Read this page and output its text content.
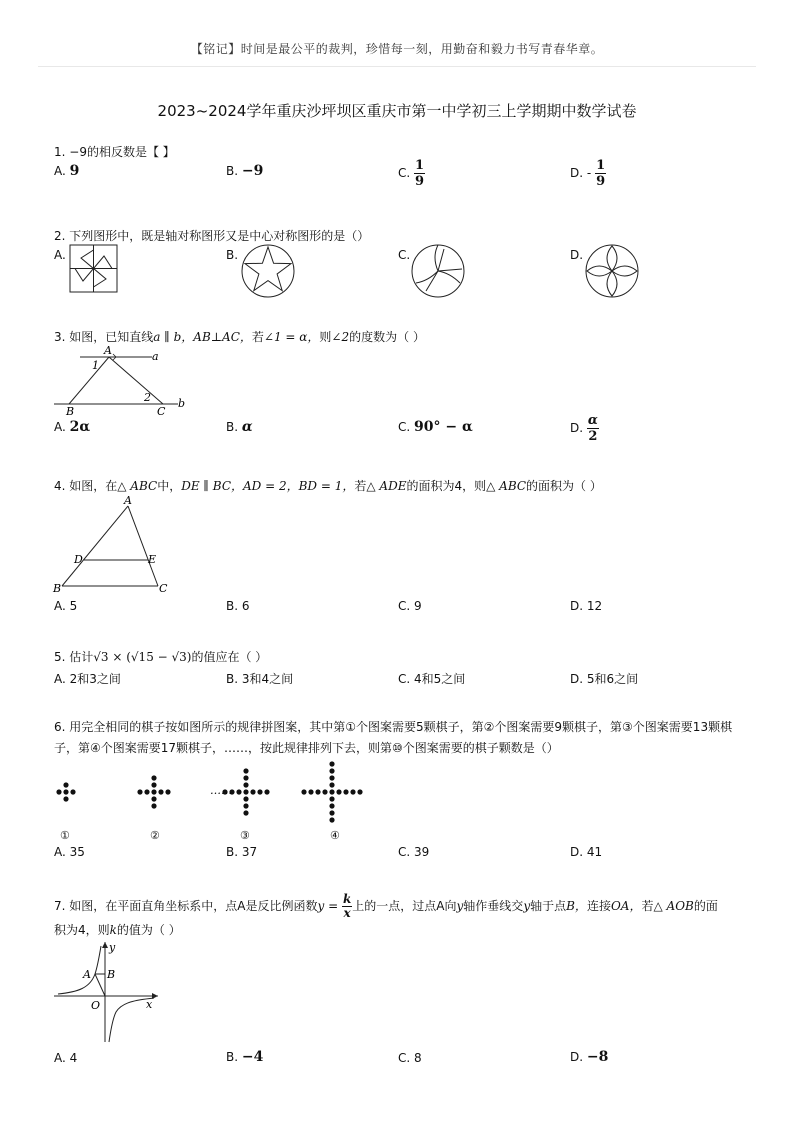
【铭记】时间是最公平的裁判，珍惜每一刻，用勤奋和毅力书写青春华章。
2023~2024学年重庆沙坪坝区重庆市第一中学初三上学期期中数学试卷
1. −9的相反数是【 】
A. 9	B. −9	C. $\frac{1}{9}$	D. - $\frac{1}{9}$
2. 下列图形中，既是轴对称图形又是中心对称图形的是（）
A.	B.	C.	D.
3. 如图，已知直线a ∥ b，AB⊥AC，若∠1 = α，则∠2的度数为（ ）
A	a
1
2
B	C
b
A. 2α	B. α	C. 90° − α	D. $\frac{\alpha}{2}$
4. 如图，在△ ABC中，DE ∥ BC，AD = 2，BD = 1，若△ ADE的面积为4，则△ ABC的面积为（ ）
A
D	E
B	C
A. 5	B. 6	C. 9	D. 12
5. 估计√3 × (√15 − √3)的值应在（ ）
A. 2和3之间	B. 3和4之间	C. 4和5之间	D. 5和6之间
6. 用完全相同的棋子按如图所示的规律拼图案，其中第①个图案需要5颗棋子，第②个图案需要9颗棋子，第③个图案需要13颗棋
子，第④个图案需要17颗棋子，……，按此规律排列下去，则第⑩个图案需要的棋子颗数是（）
……
①	②	③	④
A. 35	B. 37	C. 39	D. 41
7. 如图，在平面直角坐标系中，点A是反比例函数$y = \frac{k}{x}$ 上的一点，过点A向y轴作垂线交y轴于点B，连接OA，若△ AOB的面
积为4，则k的值为（ ）
y
x
A B
O
A. 4	B. −4	C. 8	D. −8
